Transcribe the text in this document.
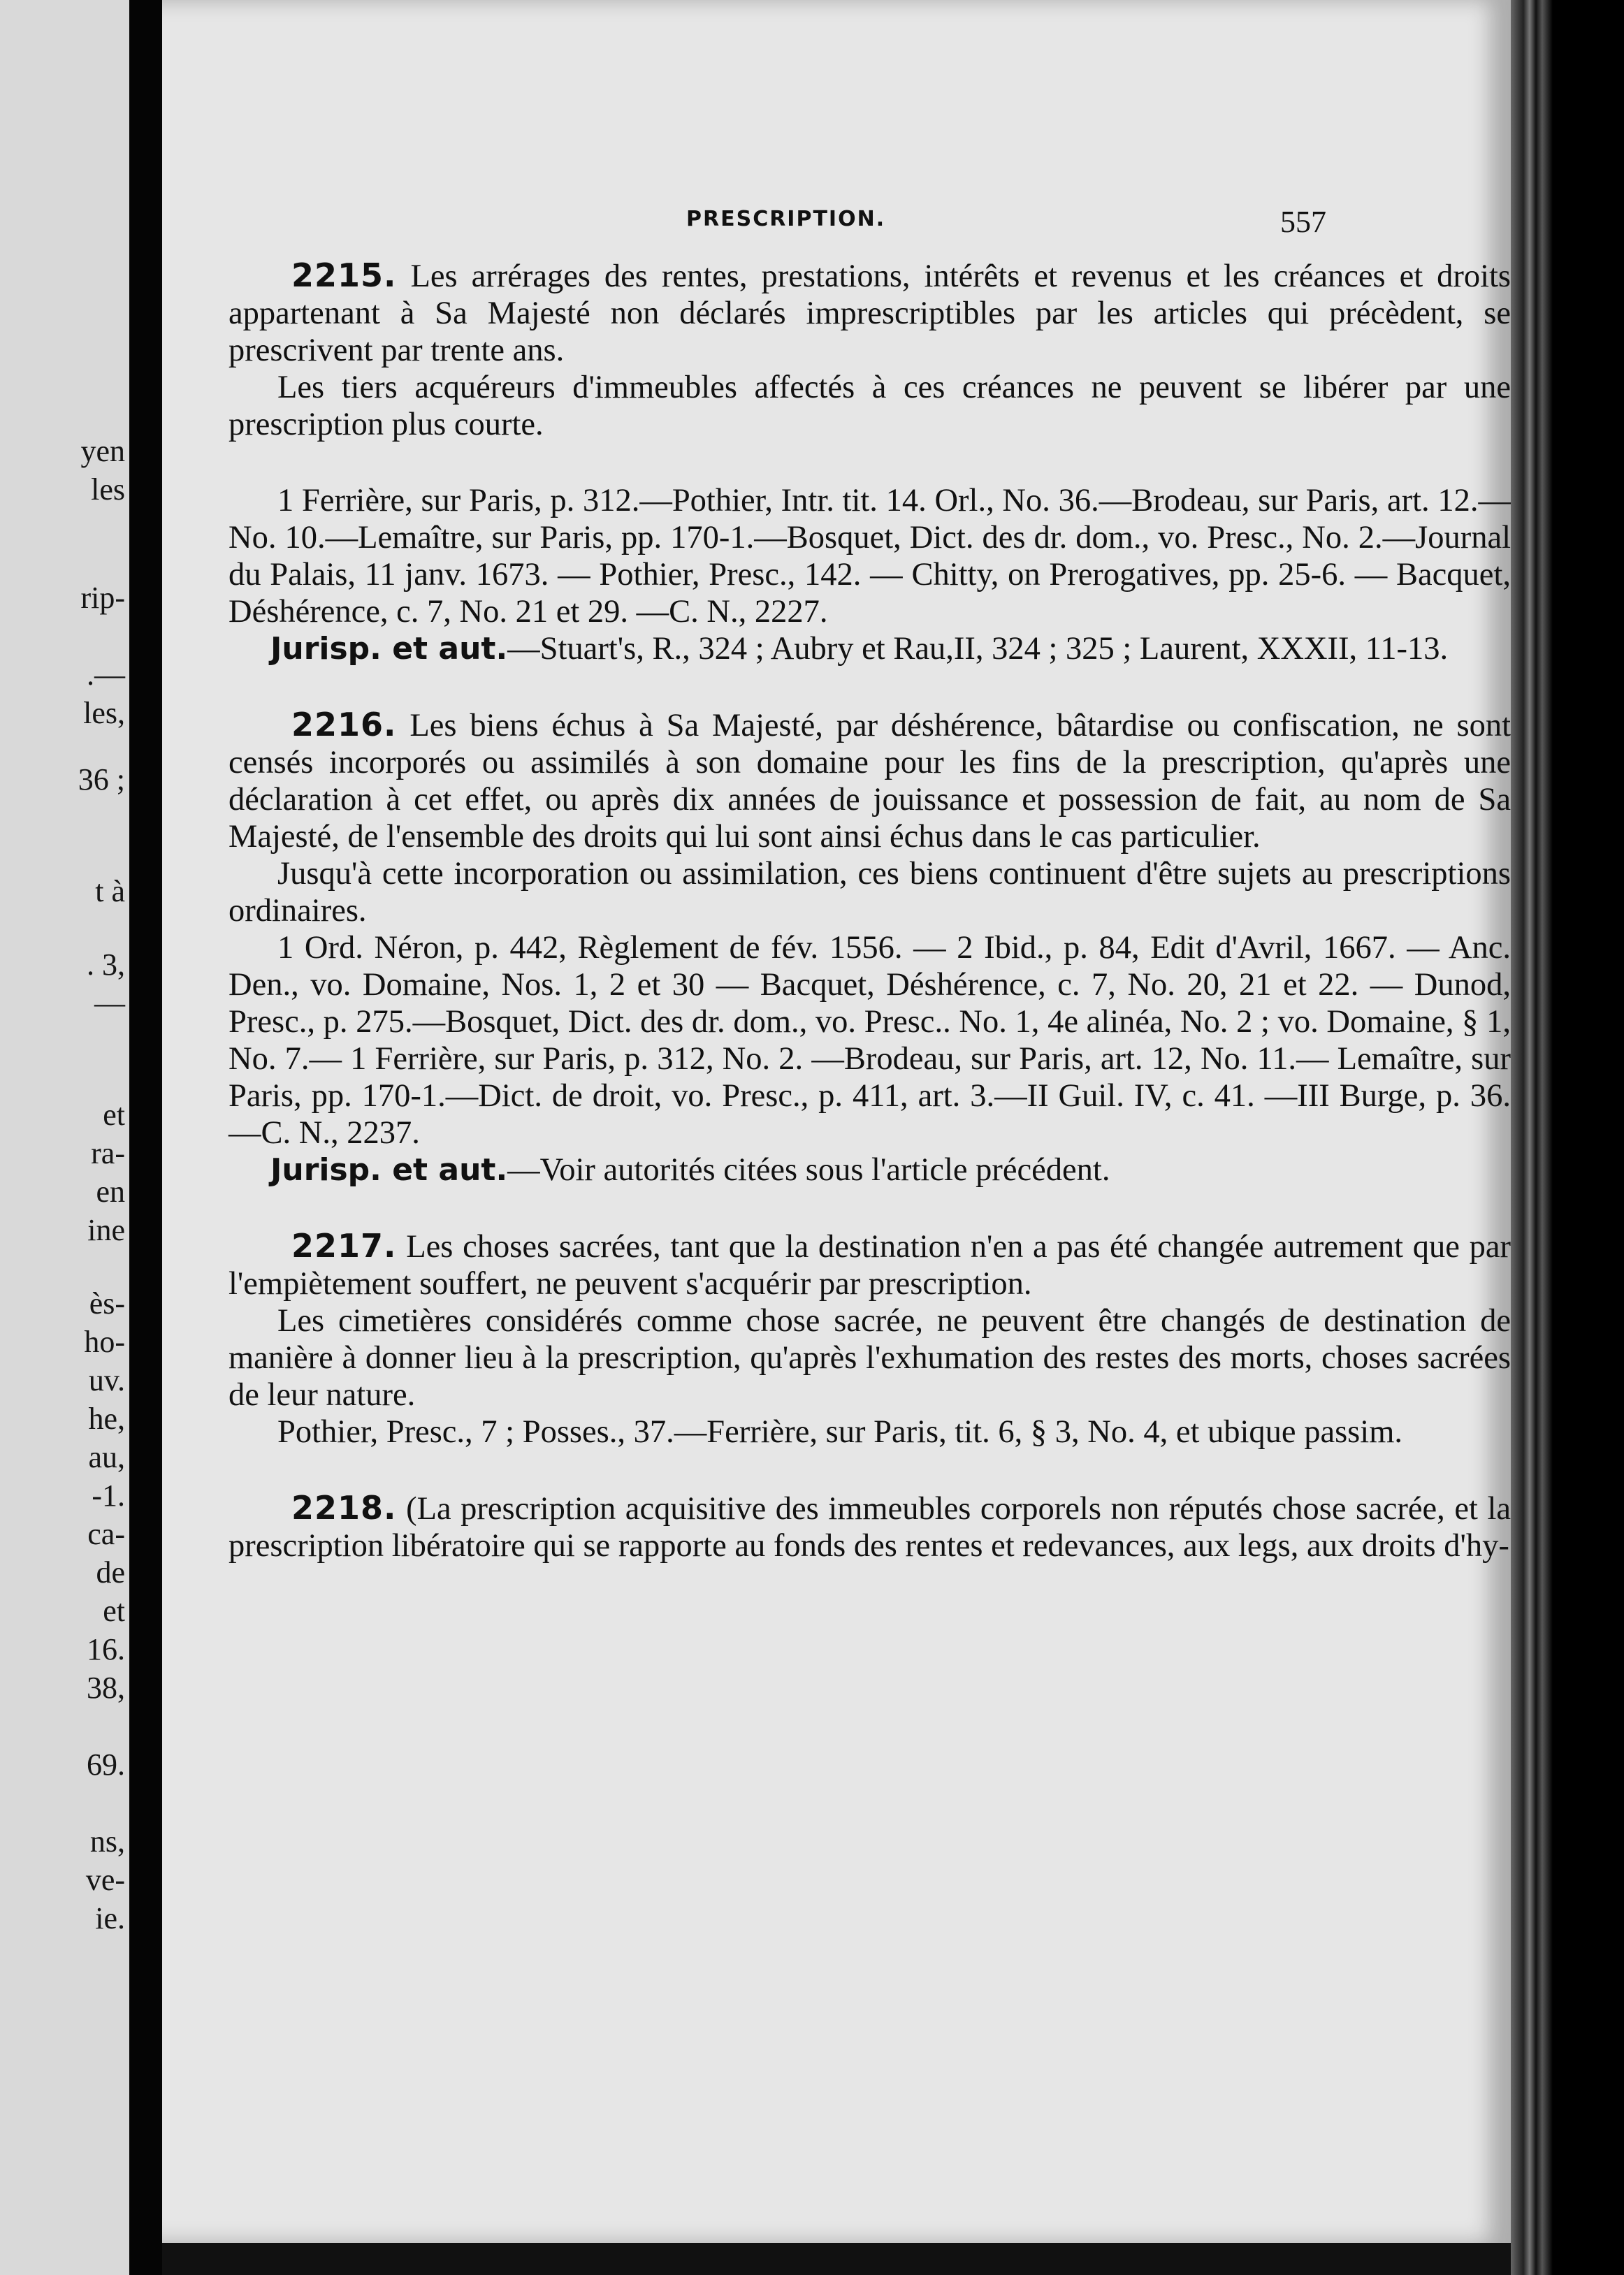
yen
les
rip-
.—
les,
36 ;
t à
. 3,
—
et
ra-
en
ine
ès-
ho-
uv.
he,
au,
-1.
ca-
de
et
16.
38,
69.
ns,
ve-
ie.
PRESCRIPTION.	557

2215. Les arrérages des rentes, prestations, intérêts et revenus et les créances et droits appartenant à Sa Majesté non déclarés imprescriptibles par les articles qui précèdent, se prescrivent par trente ans.

Les tiers acquéreurs d'immeubles affectés à ces créances ne peuvent se libérer par une prescription plus courte.

1 Ferrière, sur Paris, p. 312.—Pothier, Intr. tit. 14. Orl., No. 36.—Brodeau, sur Paris, art. 12.—No. 10.—Lemaître, sur Paris, pp. 170-1.—Bosquet, Dict. des dr. dom., vo. Presc., No. 2.—Journal du Palais, 11 janv. 1673. — Pothier, Presc., 142. — Chitty, on Prerogatives, pp. 25-6. — Bacquet, Déshérence, c. 7, No. 21 et 29. —C. N., 2227.

Jurisp. et aut.—Stuart's, R., 324 ; Aubry et Rau,II, 324 ; 325 ; Laurent, XXXII, 11-13.

2216. Les biens échus à Sa Majesté, par déshérence, bâtardise ou confiscation, ne sont censés incorporés ou assimilés à son domaine pour les fins de la prescription, qu'après une déclaration à cet effet, ou après dix années de jouissance et possession de fait, au nom de Sa Majesté, de l'ensemble des droits qui lui sont ainsi échus dans le cas particulier.

Jusqu'à cette incorporation ou assimilation, ces biens continuent d'être sujets au prescriptions ordinaires.

1 Ord. Néron, p. 442, Règlement de fév. 1556. — 2 Ibid., p. 84, Edit d'Avril, 1667. — Anc. Den., vo. Domaine, Nos. 1, 2 et 30 — Bacquet, Déshérence, c. 7, No. 20, 21 et 22. — Dunod, Presc., p. 275.—Bosquet, Dict. des dr. dom., vo. Presc.. No. 1, 4e alinéa, No. 2 ; vo. Domaine, § 1, No. 7.— 1 Ferrière, sur Paris, p. 312, No. 2. —Brodeau, sur Paris, art. 12, No. 11.— Lemaître, sur Paris, pp. 170-1.—Dict. de droit, vo. Presc., p. 411, art. 3.—II Guil. IV, c. 41. —III Burge, p. 36.—C. N., 2237.

Jurisp. et aut.—Voir autorités citées sous l'article précédent.

2217. Les choses sacrées, tant que la destination n'en a pas été changée autrement que par l'empiètement souffert, ne peuvent s'acquérir par prescription.

Les cimetières considérés comme chose sacrée, ne peuvent être changés de destination de manière à donner lieu à la prescription, qu'après l'exhumation des restes des morts, choses sacrées de leur nature.

Pothier, Presc., 7 ; Posses., 37.—Ferrière, sur Paris, tit. 6, § 3, No. 4, et ubique passim.

2218. (La prescription acquisitive des immeubles corporels non réputés chose sacrée, et la prescription libératoire qui se rapporte au fonds des rentes et redevances, aux legs, aux droits d'hy-
